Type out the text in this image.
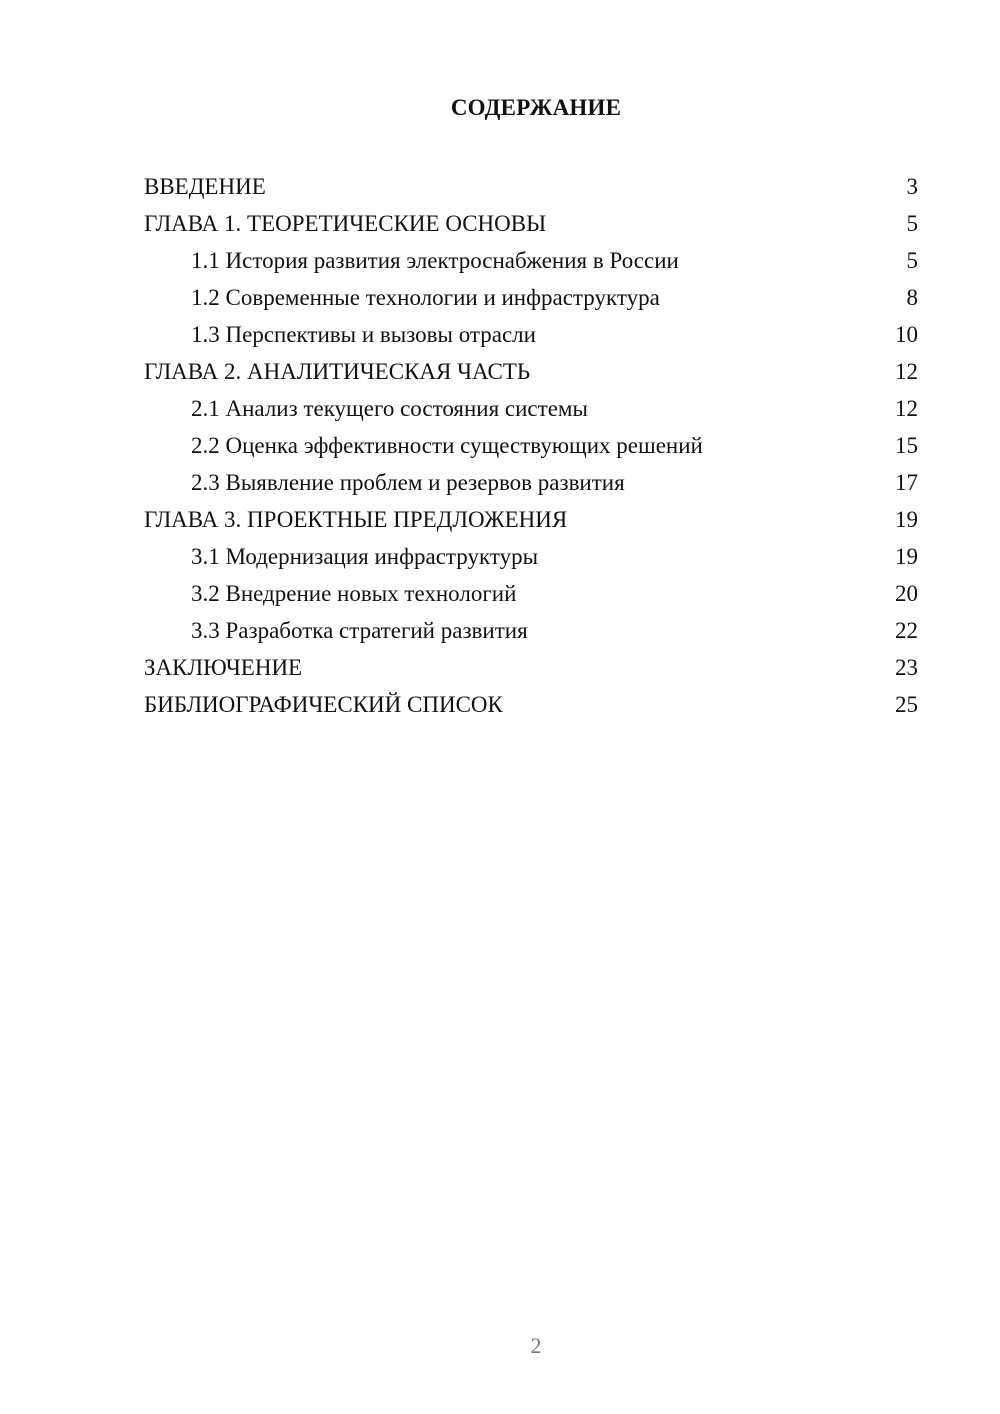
СОДЕРЖАНИЕ
ВВЕДЕНИЕ	3
ГЛАВА 1. ТЕОРЕТИЧЕСКИЕ ОСНОВЫ	5
1.1 История развития электроснабжения в России	5
1.2 Современные технологии и инфраструктура	8
1.3 Перспективы и вызовы отрасли	10
ГЛАВА 2. АНАЛИТИЧЕСКАЯ ЧАСТЬ	12
2.1 Анализ текущего состояния системы	12
2.2 Оценка эффективности существующих решений	15
2.3 Выявление проблем и резервов развития	17
ГЛАВА 3. ПРОЕКТНЫЕ ПРЕДЛОЖЕНИЯ	19
3.1 Модернизация инфраструктуры	19
3.2 Внедрение новых технологий	20
3.3 Разработка стратегий развития	22
ЗАКЛЮЧЕНИЕ	23
БИБЛИОГРАФИЧЕСКИЙ СПИСОК	25
2
